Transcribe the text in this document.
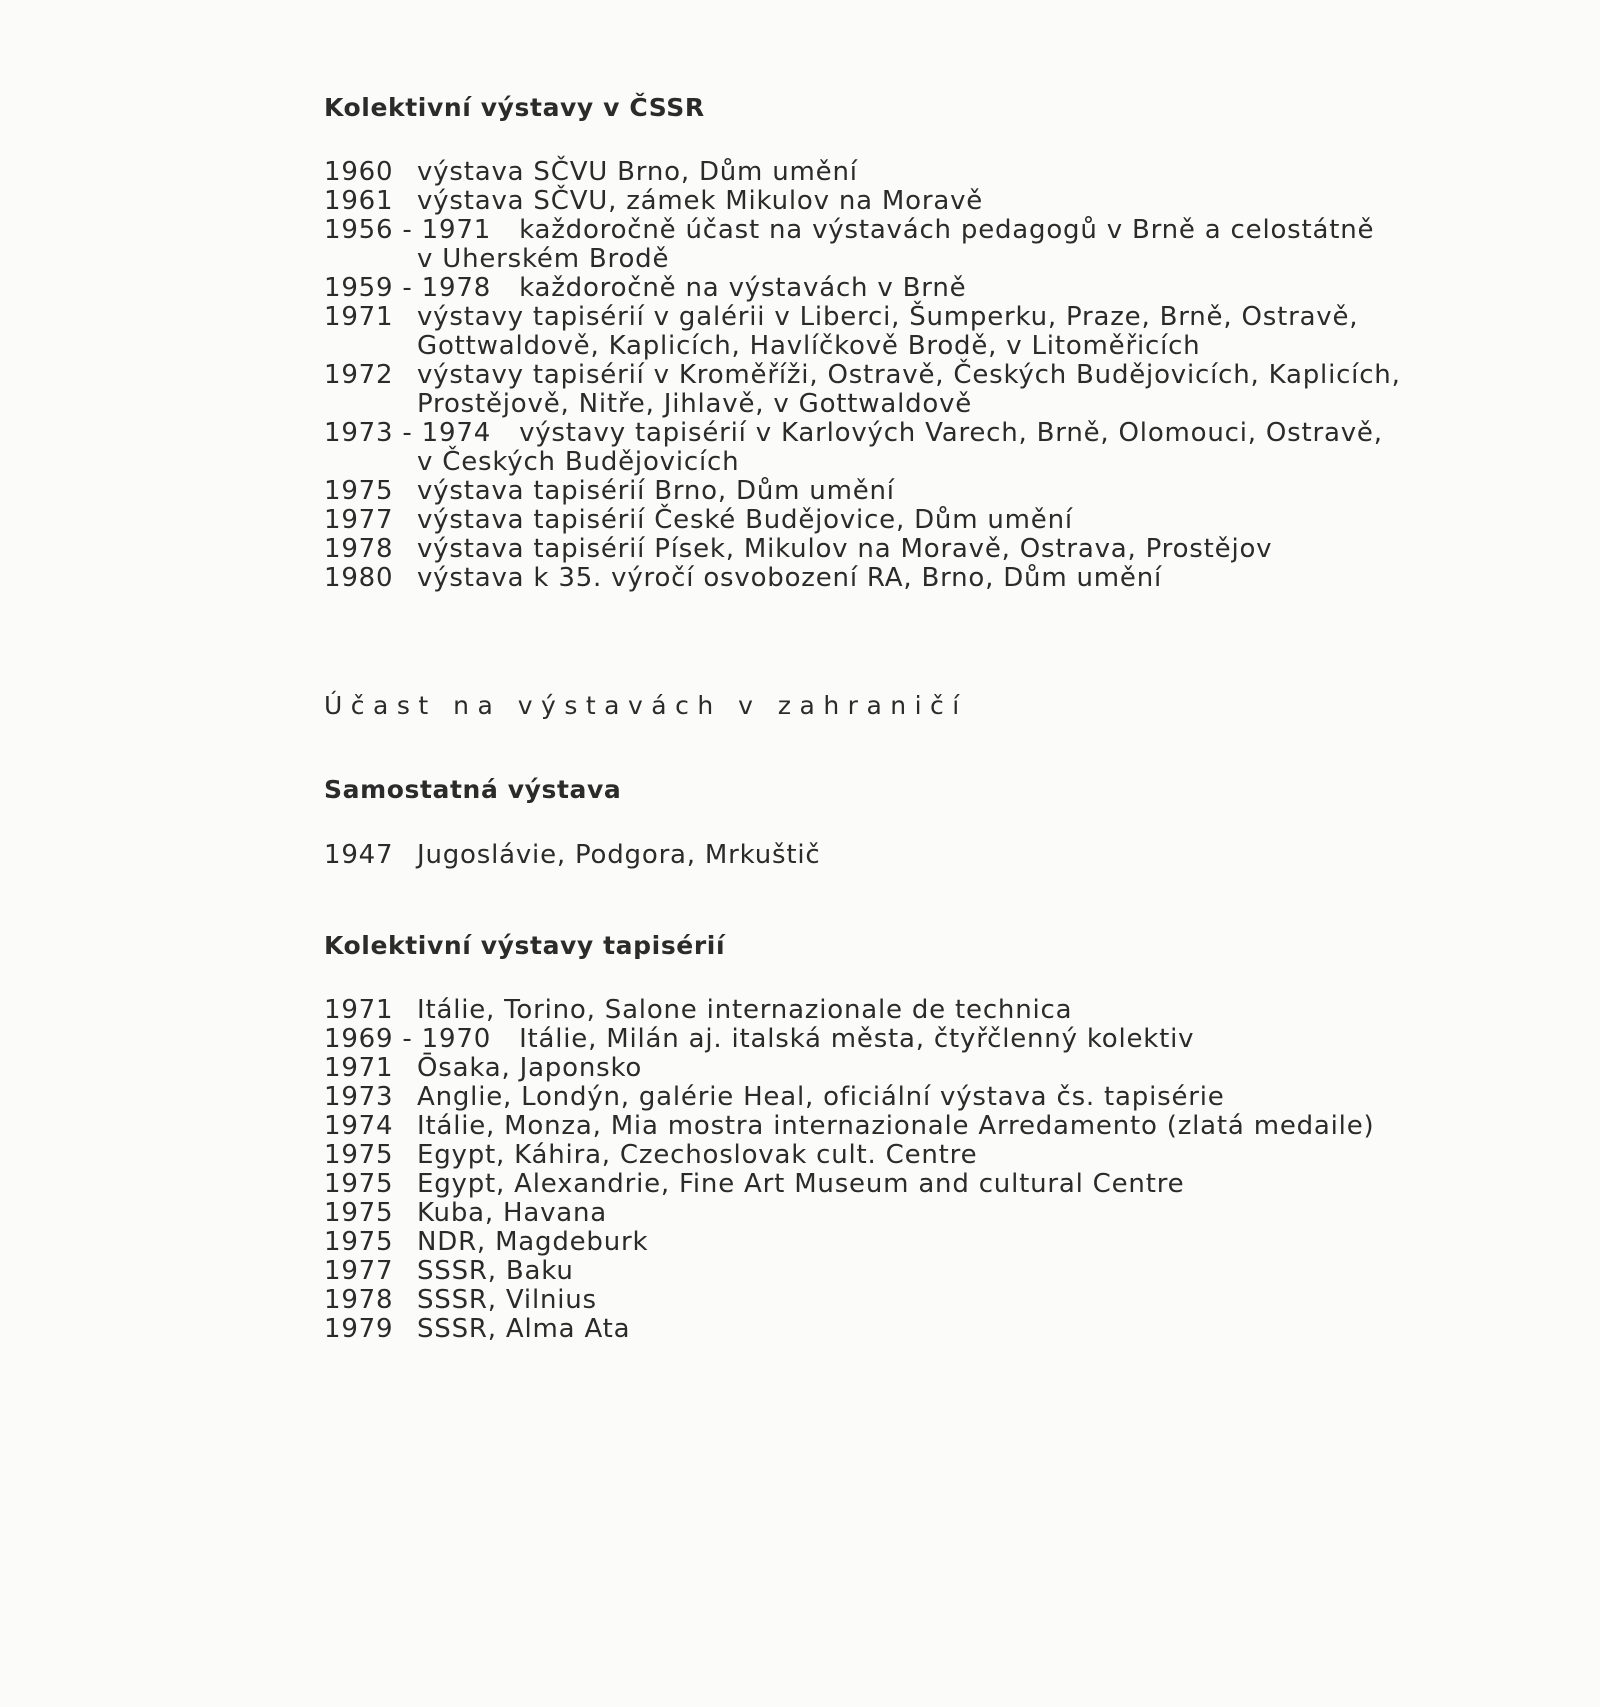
Kolektivní výstavy v ČSSR
1960 výstava SČVU Brno, Dům umění
1961 výstava SČVU, zámek Mikulov na Moravě
1956 - 1971 každoročně účast na výstavách pedagogů v Brně a celostátně
v Uherském Brodě
1959 - 1978 každoročně na výstavách v Brně
1971 výstavy tapisérií v galérii v Liberci, Šumperku, Praze, Brně, Ostravě,
Gottwaldově, Kaplicích, Havlíčkově Brodě, v Litoměřicích
1972 výstavy tapisérií v Kroměříži, Ostravě, Českých Budějovicích, Kaplicích,
Prostějově, Nitře, Jihlavě, v Gottwaldově
1973 - 1974 výstavy tapisérií v Karlových Varech, Brně, Olomouci, Ostravě,
v Českých Budějovicích
1975 výstava tapisérií Brno, Dům umění
1977 výstava tapisérií České Budějovice, Dům umění
1978 výstava tapisérií Písek, Mikulov na Moravě, Ostrava, Prostějov
1980 výstava k 35. výročí osvobození RA, Brno, Dům umění
Účast na výstavách v zahraničí
Samostatná výstava
1947 Jugoslávie, Podgora, Mrkuštič
Kolektivní výstavy tapisérií
1971 Itálie, Torino, Salone internazionale de technica
1969 - 1970 Itálie, Milán aj. italská města, čtyřčlenný kolektiv
1971 Ōsaka, Japonsko
1973 Anglie, Londýn, galérie Heal, oficiální výstava čs. tapisérie
1974 Itálie, Monza, Mia mostra internazionale Arredamento (zlatá medaile)
1975 Egypt, Káhira, Czechoslovak cult. Centre
1975 Egypt, Alexandrie, Fine Art Museum and cultural Centre
1975 Kuba, Havana
1975 NDR, Magdeburk
1977 SSSR, Baku
1978 SSSR, Vilnius
1979 SSSR, Alma Ata
